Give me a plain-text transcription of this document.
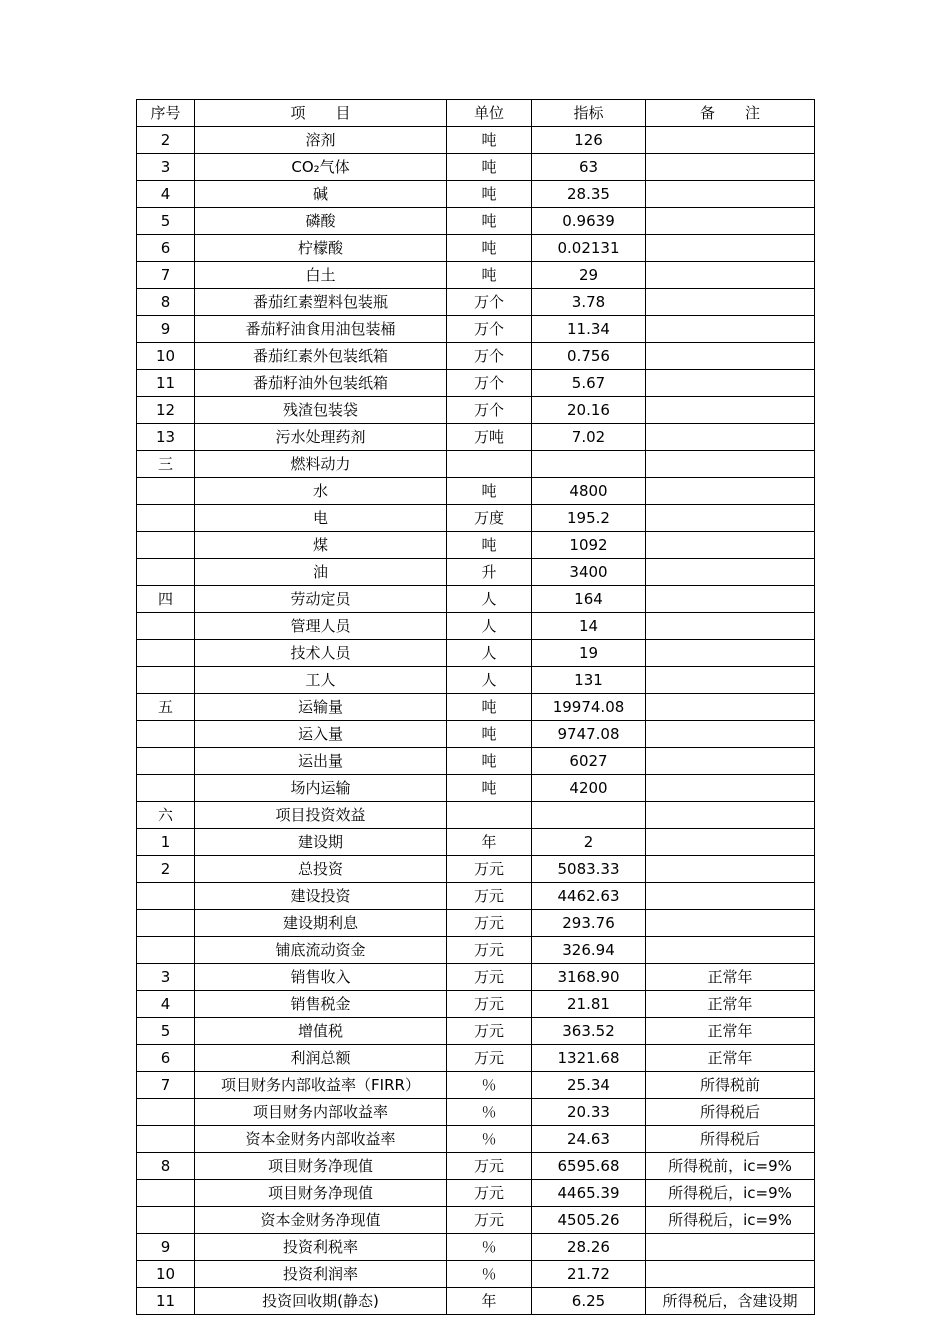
序号	项　　目	单位	指标	备　　注
2	溶剂	吨	126	
3	CO₂气体	吨	63	
4	碱	吨	28.35	
5	磷酸	吨	0.9639	
6	柠檬酸	吨	0.02131	
7	白土	吨	29	
8	番茄红素塑料包装瓶	万个	3.78	
9	番茄籽油食用油包装桶	万个	11.34	
10	番茄红素外包装纸箱	万个	0.756	
11	番茄籽油外包装纸箱	万个	5.67	
12	残渣包装袋	万个	20.16	
13	污水处理药剂	万吨	7.02	
三	燃料动力			
	水	吨	4800	
	电	万度	195.2	
	煤	吨	1092	
	油	升	3400	
四	劳动定员	人	164	
	管理人员	人	14	
	技术人员	人	19	
	工人	人	131	
五	运输量	吨	19974.08	
	运入量	吨	9747.08	
	运出量	吨	6027	
	场内运输	吨	4200	
六	项目投资效益			
1	建设期	年	2	
2	总投资	万元	5083.33	
	建设投资	万元	4462.63	
	建设期利息	万元	293.76	
	铺底流动资金	万元	326.94	
3	销售收入	万元	3168.90	正常年
4	销售税金	万元	21.81	正常年
5	增值税	万元	363.52	正常年
6	利润总额	万元	1321.68	正常年
7	项目财务内部收益率（FIRR）	％	25.34	所得税前
	项目财务内部收益率	％	20.33	所得税后
	资本金财务内部收益率	％	24.63	所得税后
8	项目财务净现值	万元	6595.68	所得税前，ic=9%
	项目财务净现值	万元	4465.39	所得税后，ic=9%
	资本金财务净现值	万元	4505.26	所得税后，ic=9%
9	投资利税率	％	28.26	
10	投资利润率	％	21.72	
11	投资回收期(静态)	年	6.25	所得税后，含建设期
